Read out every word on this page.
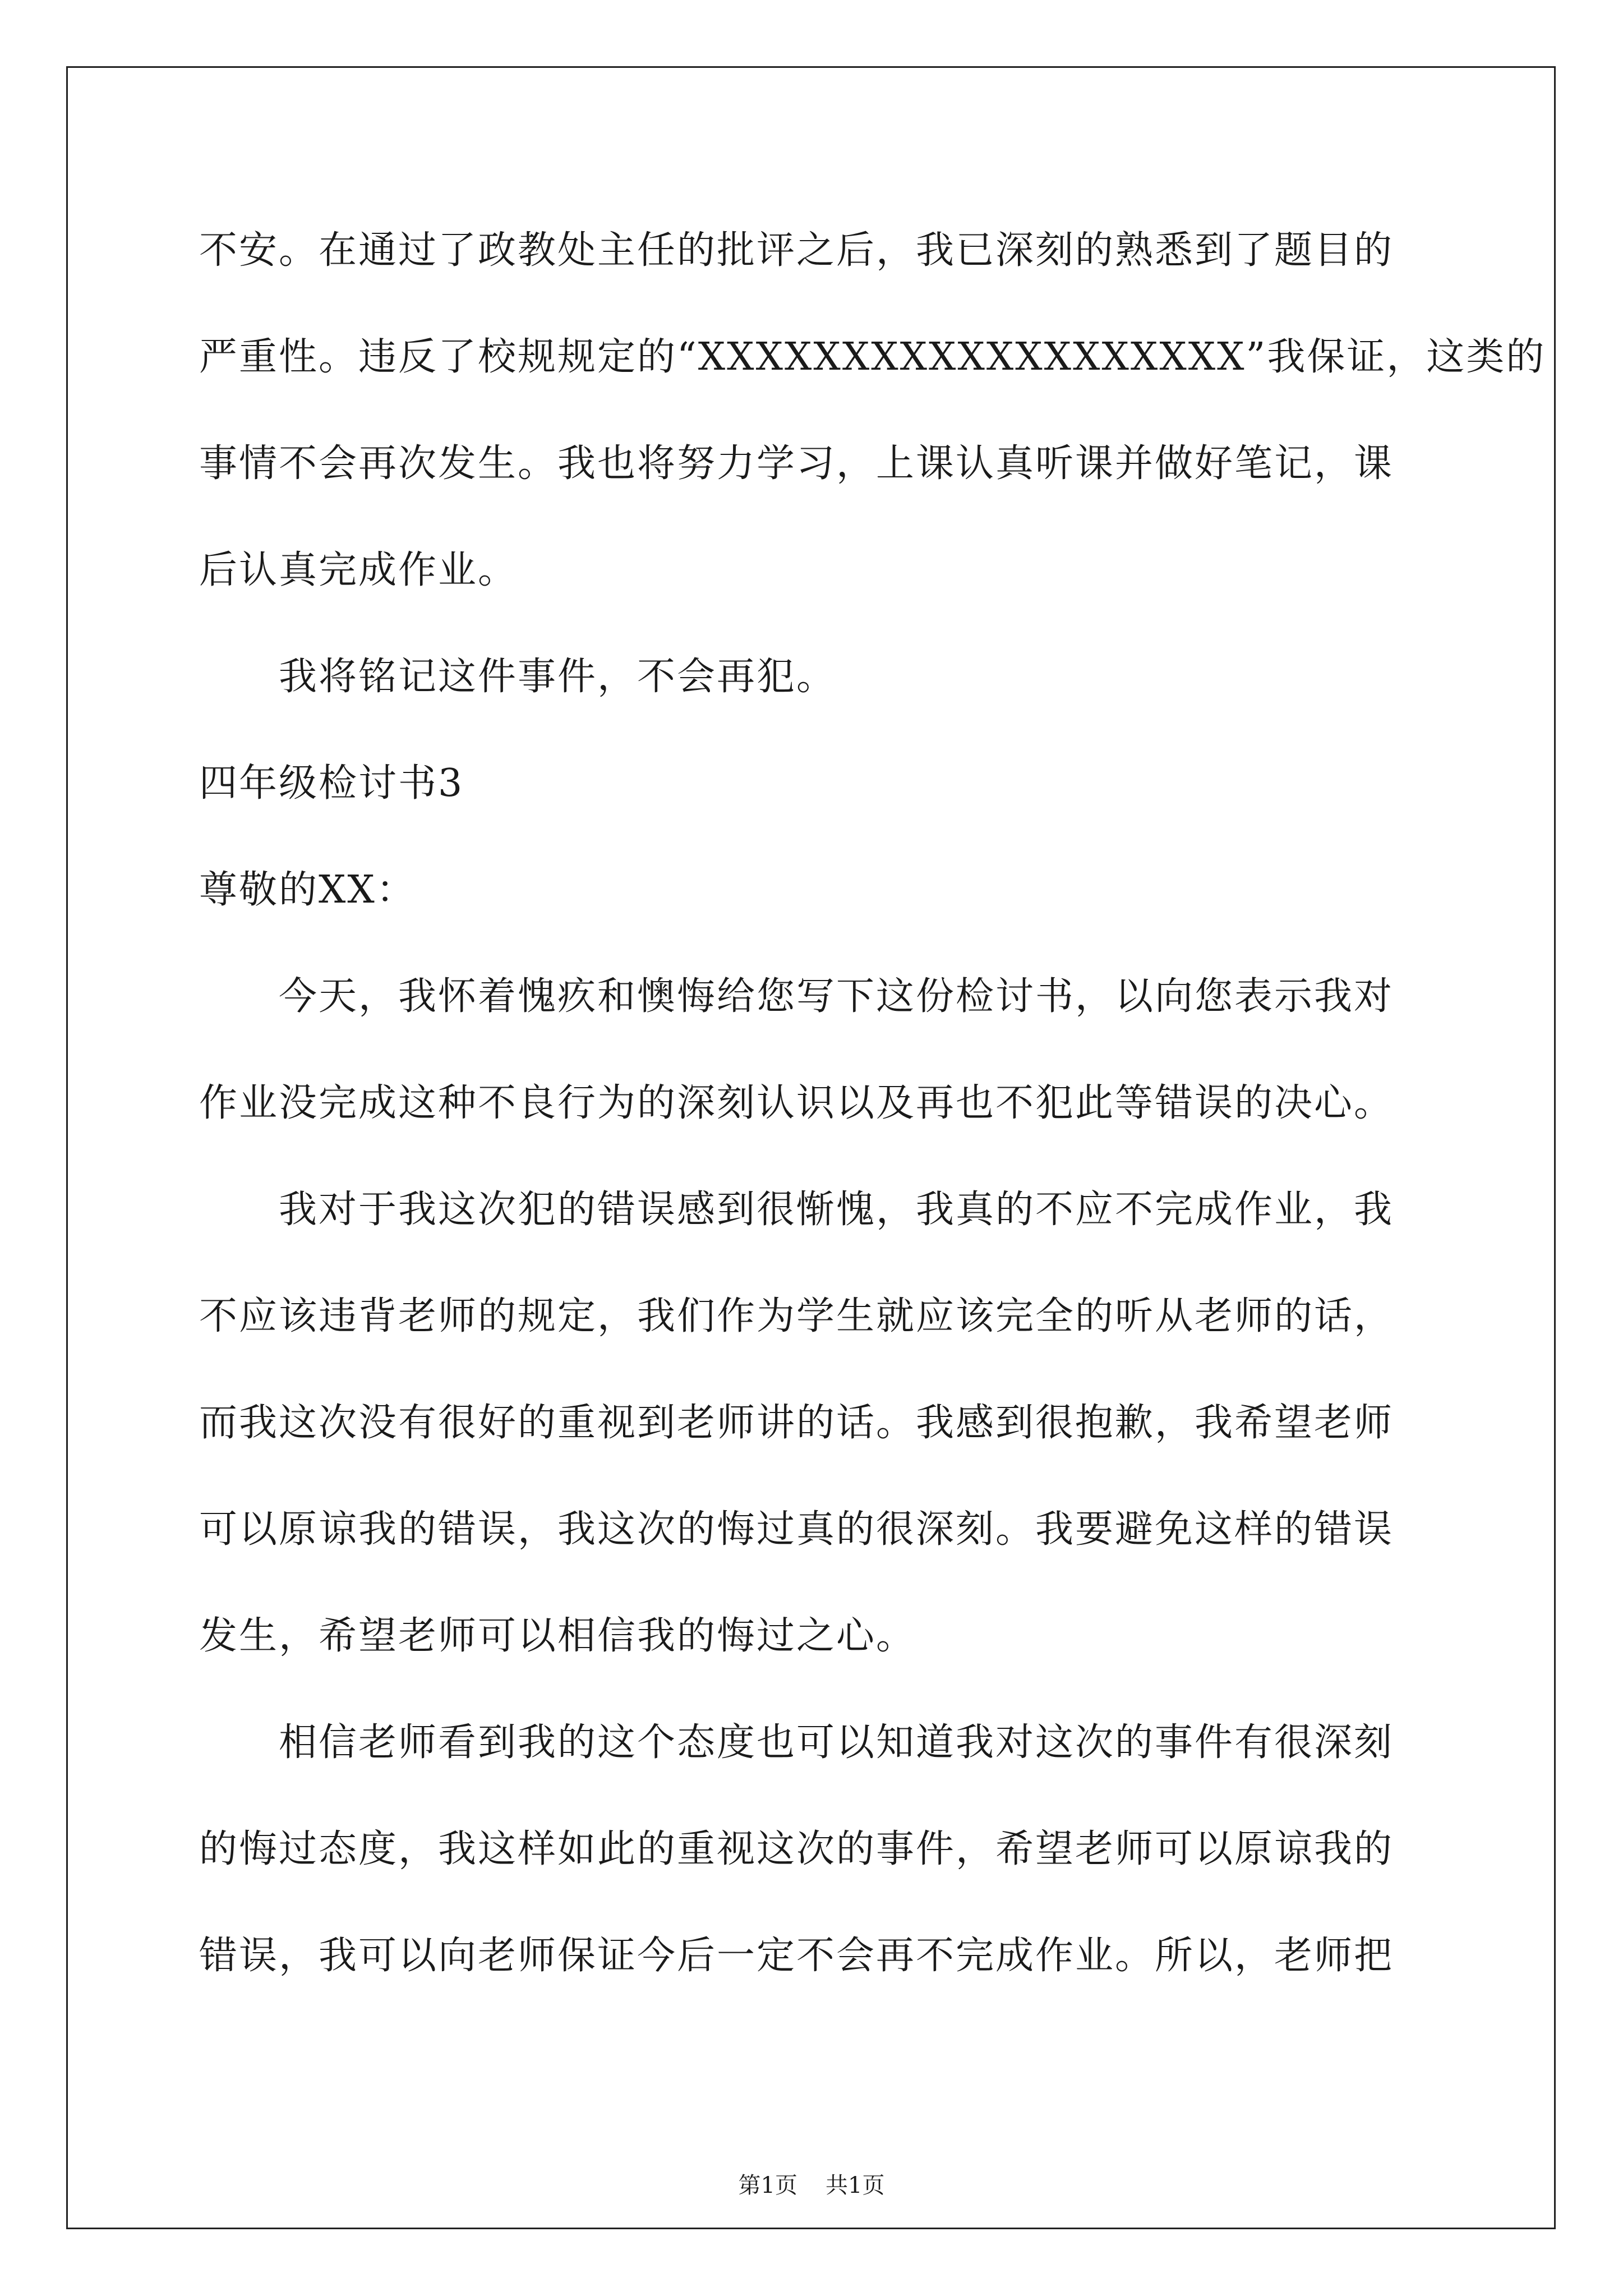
不安。在通过了政教处主任的批评之后，我已深刻的熟悉到了题目的
严重性。违反了校规规定的“XXXXXXXXXXXXXXXXXXX”我保证，这类的
事情不会再次发生。我也将努力学习，上课认真听课并做好笔记，课
后认真完成作业。
我将铭记这件事件，不会再犯。
四年级检讨书3
尊敬的XX：
今天，我怀着愧疚和懊悔给您写下这份检讨书，以向您表示我对
作业没完成这种不良行为的深刻认识以及再也不犯此等错误的决心。
我对于我这次犯的错误感到很惭愧，我真的不应不完成作业，我
不应该违背老师的规定，我们作为学生就应该完全的听从老师的话，
而我这次没有很好的重视到老师讲的话。我感到很抱歉，我希望老师
可以原谅我的错误，我这次的悔过真的很深刻。我要避免这样的错误
发生，希望老师可以相信我的悔过之心。
相信老师看到我的这个态度也可以知道我对这次的事件有很深刻
的悔过态度，我这样如此的重视这次的事件，希望老师可以原谅我的
错误，我可以向老师保证今后一定不会再不完成作业。所以，老师把
第1页 共1页
